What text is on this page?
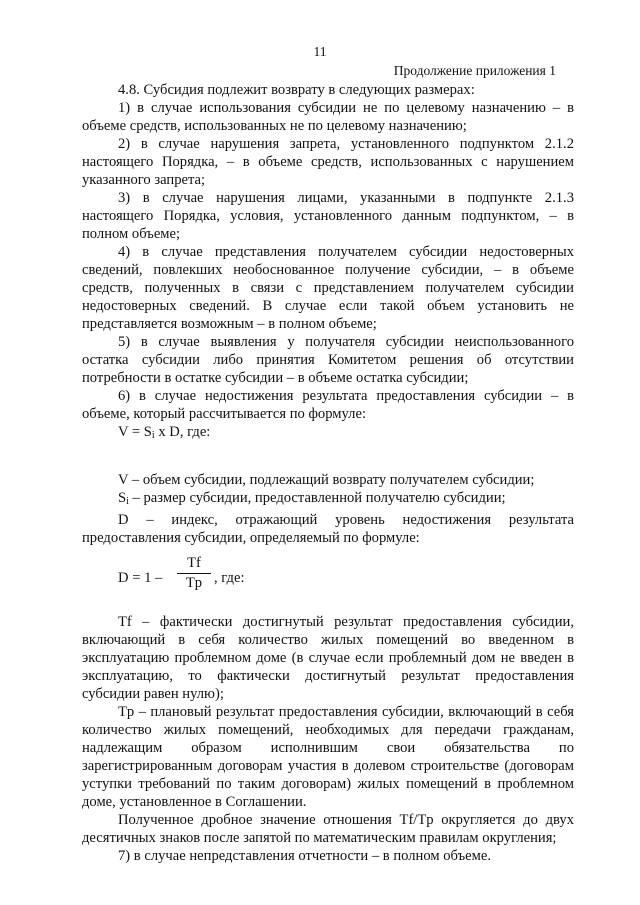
11
Продолжение приложения 1

4.8. Субсидия подлежит возврату в следующих размерах:

1) в случае использования субсидии не по целевому назначению – в объеме средств, использованных не по целевому назначению;

2) в случае нарушения запрета, установленного подпунктом 2.1.2 настоящего Порядка, – в объеме средств, использованных с нарушением указанного запрета;

3) в случае нарушения лицами, указанными в подпункте 2.1.3 настоящего Порядка, условия, установленного данным подпунктом, – в полном объеме;

4) в случае представления получателем субсидии недостоверных сведений, повлекших необоснованное получение субсидии, – в объеме средств, полученных в связи с представлением получателем субсидии недостоверных сведений. В случае если такой объем установить не представляется возможным – в полном объеме;

5) в случае выявления у получателя субсидии неиспользованного остатка субсидии либо принятия Комитетом решения об отсутствии потребности в остатке субсидии – в объеме остатка субсидии;

6) в случае недостижения результата предоставления субсидии – в объеме, который рассчитывается по формуле:

$V = S_i$ x D, где:

V – объем субсидии, подлежащий возврату получателем субсидии;

$S_i$ – размер субсидии, предоставленной получателю субсидии;

D – индекс, отражающий уровень недостижения результата предоставления субсидии, определяемый по формуле:

D = 1 –
Tf
Tp , где:

Tf – фактически достигнутый результат предоставления субсидии, включающий в себя количество жилых помещений во введенном в эксплуатацию проблемном доме (в случае если проблемный дом не введен в эксплуатацию, то фактически достигнутый результат предоставления субсидии равен нулю);

Tp – плановый результат предоставления субсидии, включающий в себя количество жилых помещений, необходимых для передачи гражданам, надлежащим образом исполнившим свои обязательства по зарегистрированным договорам участия в долевом строительстве (договорам уступки требований по таким договорам) жилых помещений в проблемном доме, установленное в Соглашении.

Полученное дробное значение отношения Tf/Tp округляется до двух десятичных знаков после запятой по математическим правилам округления;

7) в случае непредставления отчетности – в полном объеме.
